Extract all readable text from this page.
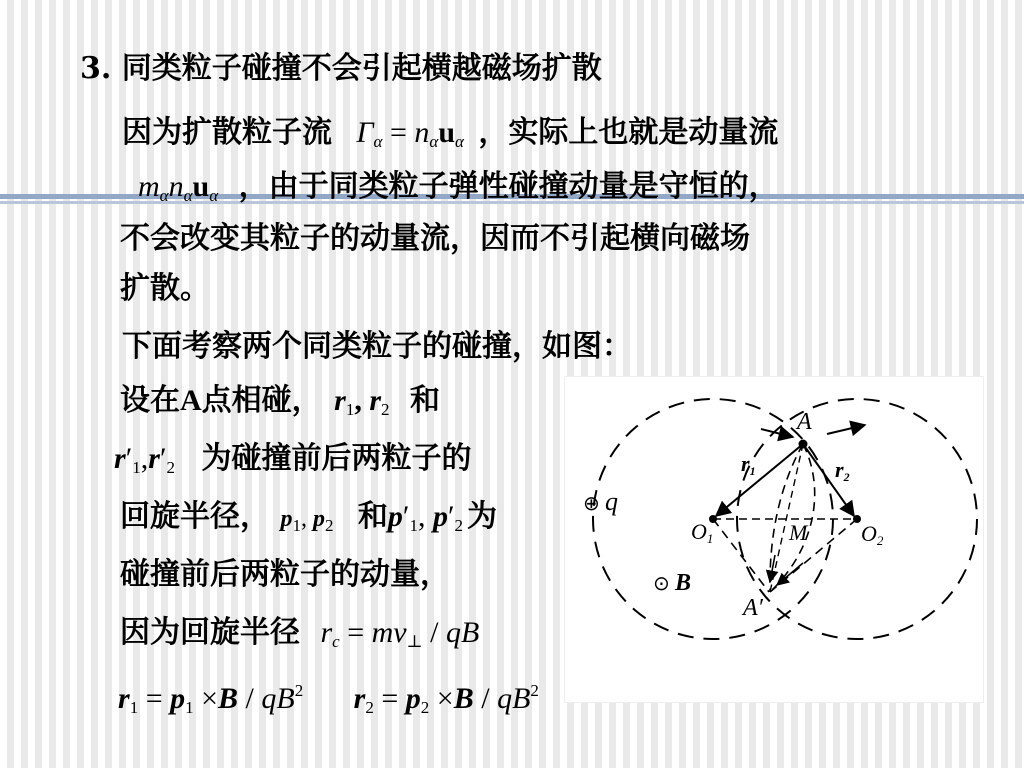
3. 同类粒子碰撞不会引起横越磁场扩散
因为扩散粒子流 $\Gamma_\alpha = n_\alpha u_\alpha$ ，实际上也就是动量流
$m_\alpha n_\alpha u_\alpha$ ，由于同类粒子弹性碰撞动量是守恒的，
不会改变其粒子的动量流，因而不引起横向磁场
扩散。
下面考察两个同类粒子的碰撞，如图：
设在A点相碰， $r_1$, $r_2$ 和
$r'_1,r'_2$ 为碰撞前后两粒子的
回旋半径， $p_1$, $p_2$ 和$p'_1$, $p'_2$ 为
碰撞前后两粒子的动量，
因为回旋半径 $r_c = mv_\perp$ / qB
$r_1 = p_1 \times B / qB^2$ $r_2 = p_2 \times B / qB^2$
A
A′
O1	O2
M
r1	r2
⊕ q
⊙ B
